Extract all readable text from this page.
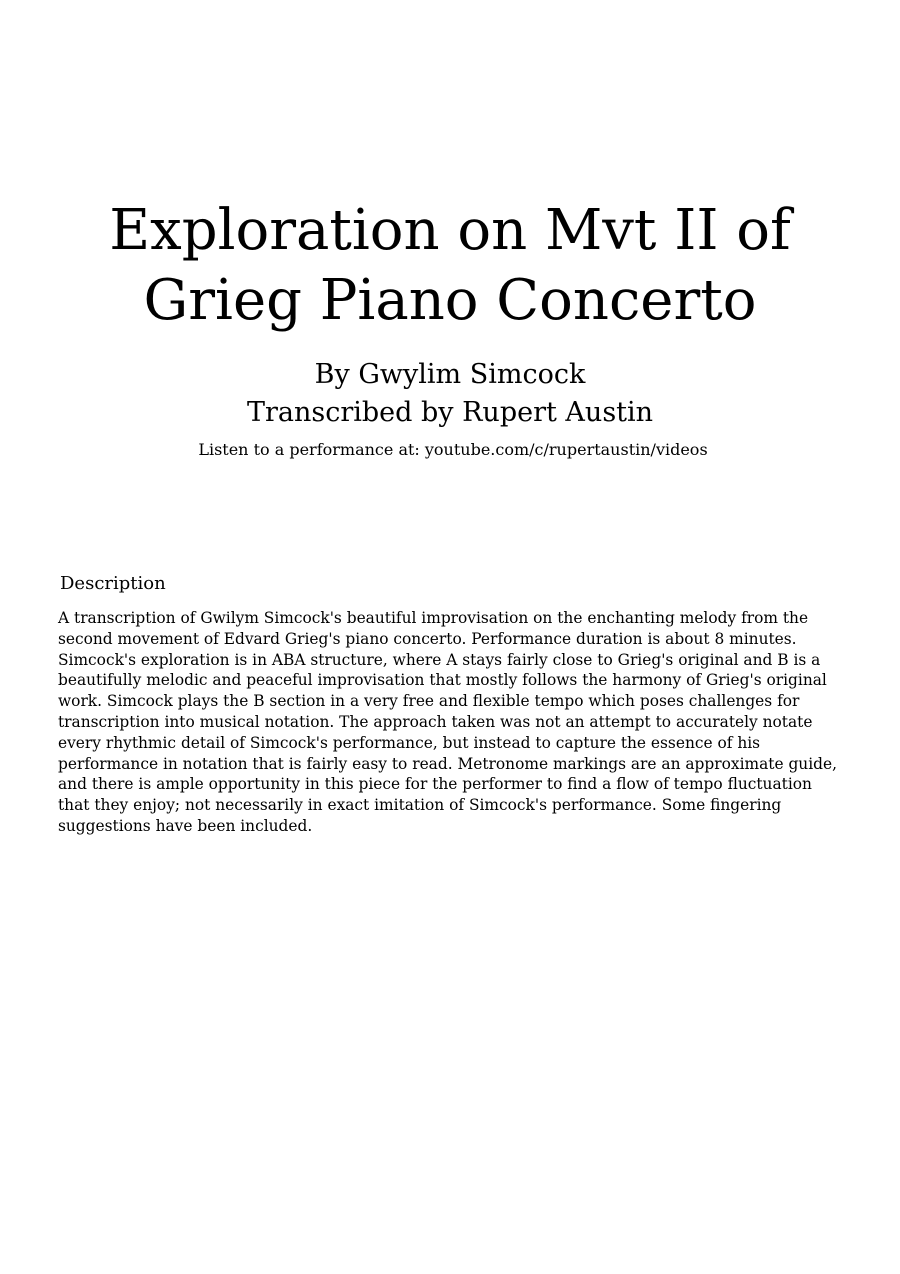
Exploration on Mvt II of
Grieg Piano Concerto
By Gwylim Simcock
Transcribed by Rupert Austin
Listen to a performance at: youtube.com/c/rupertaustin/videos
Description

A transcription of Gwilym Simcock's beautiful improvisation on the enchanting melody from the second movement of Edvard Grieg's piano concerto. Performance duration is about 8 minutes. Simcock's exploration is in ABA structure, where A stays fairly close to Grieg's original and B is a beautifully melodic and peaceful improvisation that mostly follows the harmony of Grieg's original work. Simcock plays the B section in a very free and flexible tempo which poses challenges for transcription into musical notation. The approach taken was not an attempt to accurately notate every rhythmic detail of Simcock's performance, but instead to capture the essence of his performance in notation that is fairly easy to read. Metronome markings are an approximate guide, and there is ample opportunity in this piece for the performer to find a flow of tempo fluctuation that they enjoy; not necessarily in exact imitation of Simcock's performance. Some fingering suggestions have been included.
